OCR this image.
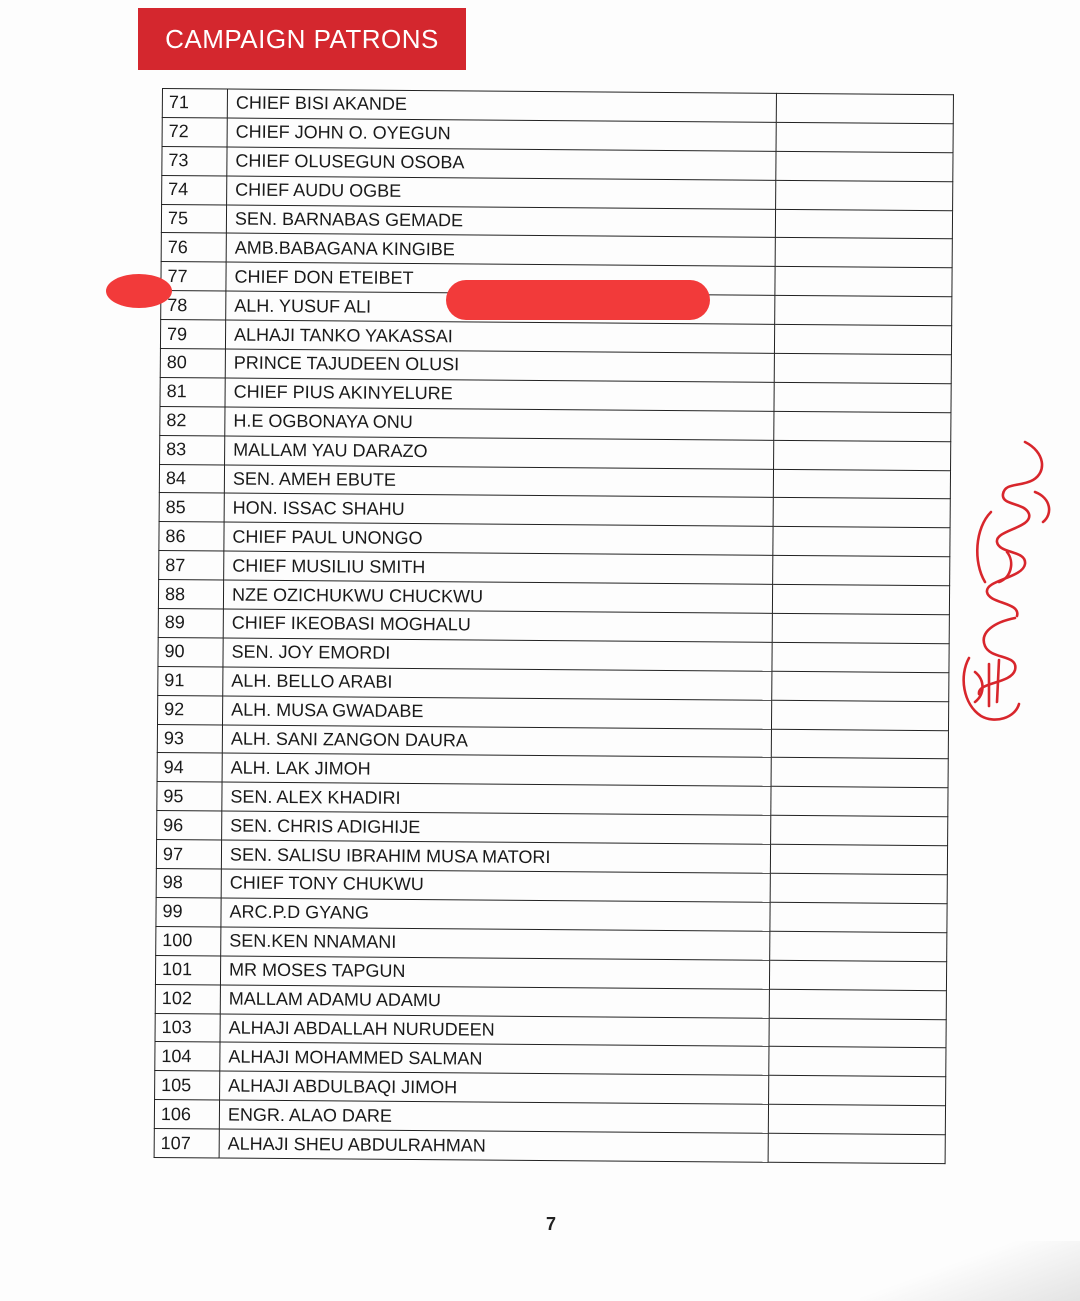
CAMPAIGN PATRONS
71	CHIEF BISI AKANDE	
72	CHIEF JOHN O. OYEGUN	
73	CHIEF OLUSEGUN OSOBA	
74	CHIEF AUDU OGBE	
75	SEN. BARNABAS GEMADE	
76	AMB.BABAGANA KINGIBE	
77	CHIEF DON ETEIBET	
78	ALH. YUSUF ALI	
79	ALHAJI TANKO YAKASSAI	
80	PRINCE TAJUDEEN OLUSI	
81	CHIEF PIUS AKINYELURE	
82	H.E OGBONAYA ONU	
83	MALLAM YAU DARAZO	
84	SEN. AMEH EBUTE	
85	HON. ISSAC SHAHU	
86	CHIEF PAUL UNONGO	
87	CHIEF MUSILIU SMITH	
88	NZE OZICHUKWU CHUCKWU	
89	CHIEF IKEOBASI MOGHALU	
90	SEN. JOY EMORDI	
91	ALH. BELLO ARABI	
92	ALH. MUSA GWADABE	
93	ALH. SANI ZANGON DAURA	
94	ALH. LAK JIMOH	
95	SEN. ALEX KHADIRI	
96	SEN. CHRIS ADIGHIJE	
97	SEN. SALISU IBRAHIM MUSA MATORI	
98	CHIEF TONY CHUKWU	
99	ARC.P.D GYANG	
100	SEN.KEN NNAMANI	
101	MR MOSES TAPGUN	
102	MALLAM ADAMU ADAMU	
103	ALHAJI ABDALLAH NURUDEEN	
104	ALHAJI MOHAMMED SALMAN	
105	ALHAJI ABDULBAQI JIMOH	
106	ENGR. ALAO DARE	
107	ALHAJI SHEU ABDULRAHMAN	
7
